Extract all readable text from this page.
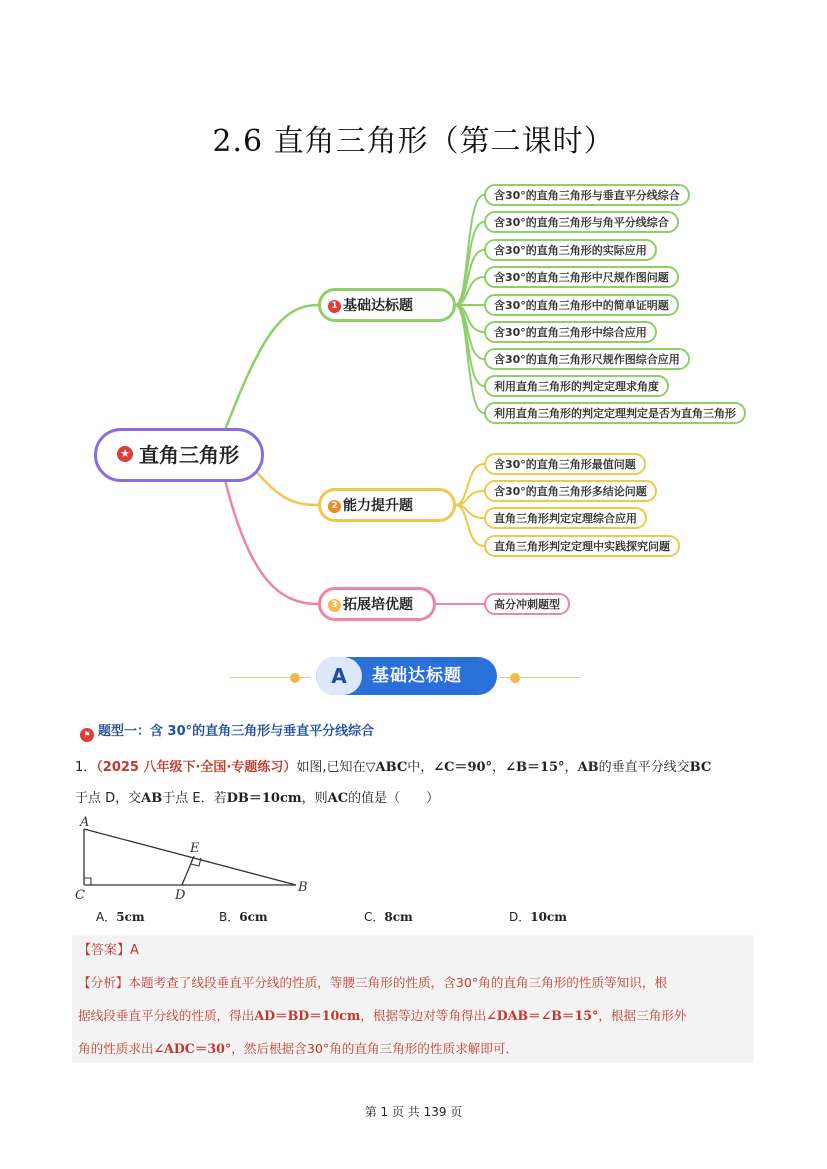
2.6 直角三角形（第二课时）
★ 直角三角形
1 基础达标题
2 能力提升题
3 拓展培优题
含30°的直角三角形与垂直平分线综合
含30°的直角三角形与角平分线综合
含30°的直角三角形的实际应用
含30°的直角三角形中尺规作图问题
含30°的直角三角形中的简单证明题
含30°的直角三角形中综合应用
含30°的直角三角形尺规作图综合应用
利用直角三角形的判定定理求角度
利用直角三角形的判定定理判定是否为直角三角形
含30°的直角三角形最值问题
含30°的直角三角形多结论问题
直角三角形判定定理综合应用
直角三角形判定定理中实践探究问题
高分冲刺题型
A	基础达标题
⚑ 题型一：含 30°的直角三角形与垂直平分线综合
1．（2025 八年级下·全国·专题练习）如图,已知在▽ABC中，∠C＝90°，∠B＝15°，AB的垂直平分线交BC
于点 D，交AB于点 E．若DB＝10cm，则AC的值是（　　）
A
C	D
B
E
A．5cm	B．6cm	C．8cm	D．10cm
【答案】A
【分析】本题考查了线段垂直平分线的性质，等腰三角形的性质，含30°角的直角三角形的性质等知识，根
据线段垂直平分线的性质，得出AD＝BD＝10cm，根据等边对等角得出∠DAB＝∠B＝15°，根据三角形外
角的性质求出∠ADC＝30°，然后根据含30°角的直角三角形的性质求解即可．
第 1 页 共 139 页
